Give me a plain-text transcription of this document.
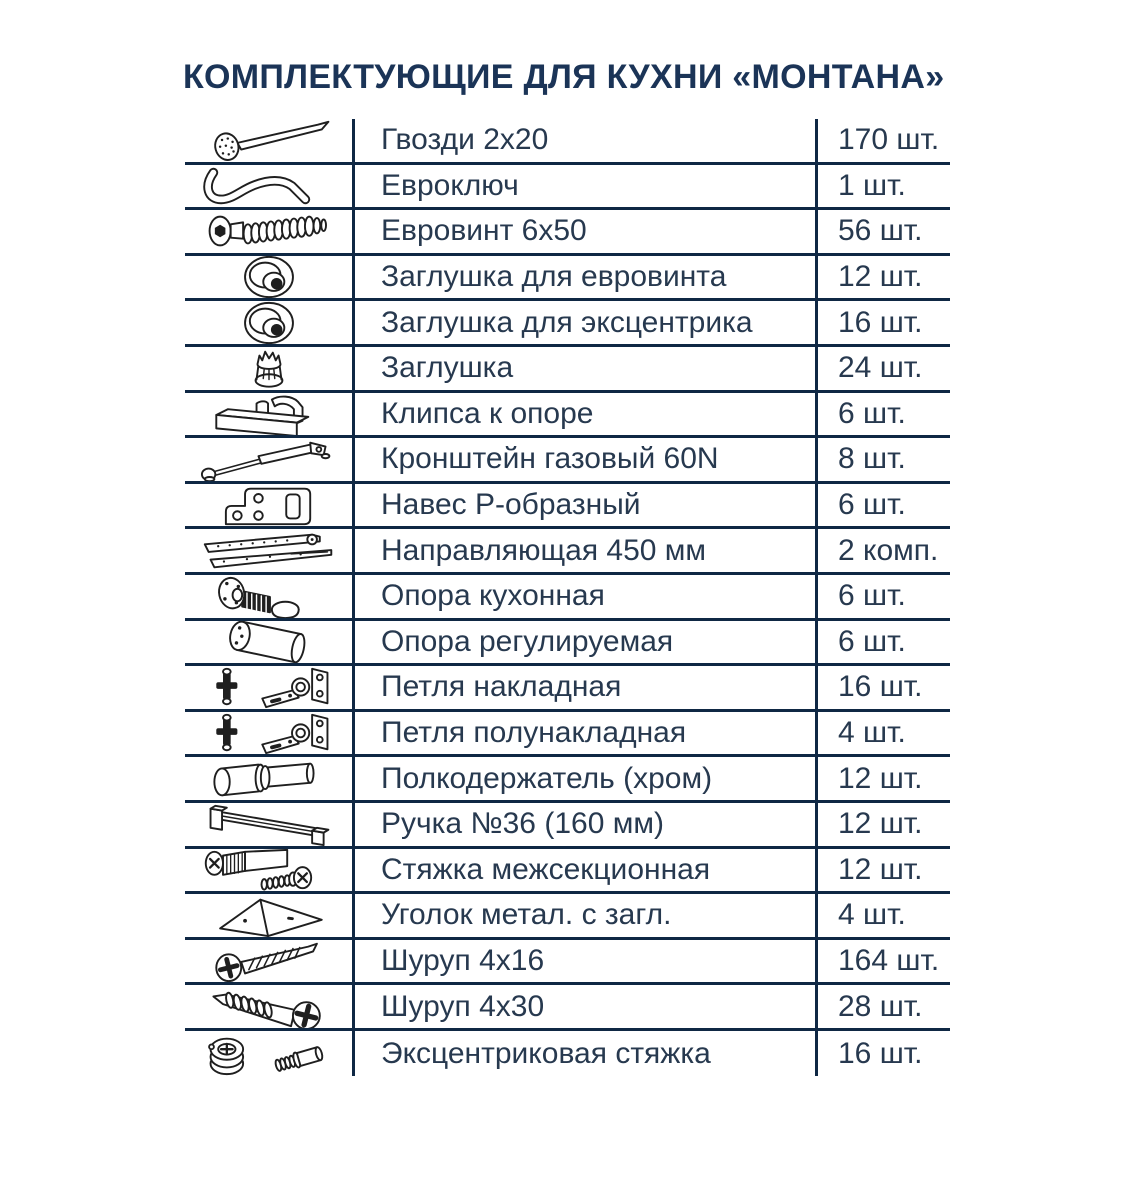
КОМПЛЕКТУЮЩИЕ ДЛЯ КУХНИ «МОНТАНА»
Гвозди 2x20	170 шт.
Евроключ	1 шт.
Евровинт 6x50	56 шт.
Заглушка для евровинта	12 шт.
Заглушка для эксцентрика	16 шт.
Заглушка	24 шт.
Клипса к опоре	6 шт.
Кронштейн газовый 60N	8 шт.
Навес Р-образный	6 шт.
Направляющая 450 мм	2 комп.
Опора кухонная	6 шт.
Опора регулируемая	6 шт.
Петля накладная	16 шт.
Петля полунакладная	4 шт.
Полкодержатель (хром)	12 шт.
Ручка №36 (160 мм)	12 шт.
Стяжка межсекционная	12 шт.
Уголок метал. с загл.	4 шт.
Шуруп 4x16	164 шт.
Шуруп 4x30	28 шт.
Эксцентриковая стяжка	16 шт.
